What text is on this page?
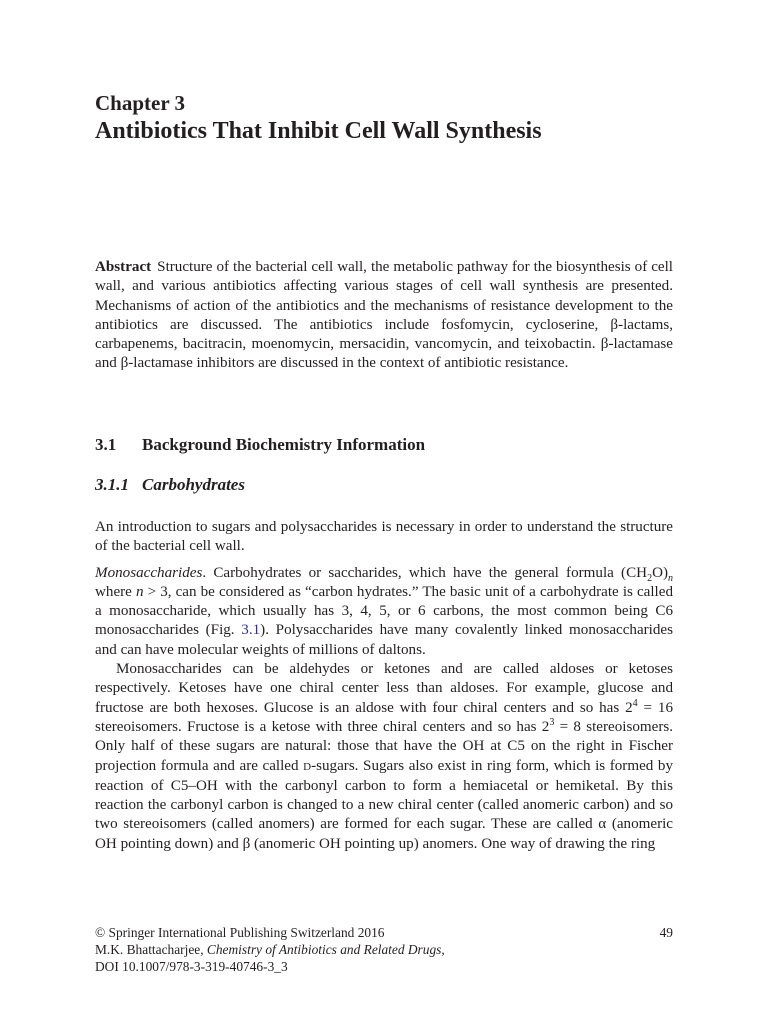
Chapter 3
Antibiotics That Inhibit Cell Wall Synthesis
Abstract Structure of the bacterial cell wall, the metabolic pathway for the biosynthesis of cell wall, and various antibiotics affecting various stages of cell wall synthesis are presented. Mechanisms of action of the antibiotics and the mechanisms of resistance development to the antibiotics are discussed. The antibiotics include fosfomycin, cycloserine, β-lactams, carbapenems, bacitracin, moenomycin, mersacidin, vancomycin, and teixobactin. β-lactamase and β-lactamase inhibitors are discussed in the context of antibiotic resistance.
3.1 Background Biochemistry Information
3.1.1 Carbohydrates

An introduction to sugars and polysaccharides is necessary in order to understand the structure of the bacterial cell wall.

Monosaccharides. Carbohydrates or saccharides, which have the general formula $(CH_2O)_n$ where n > 3, can be considered as “carbon hydrates.” The basic unit of a carbohydrate is called a monosaccharide, which usually has 3, 4, 5, or 6 carbons, the most common being C6 monosaccharides (Fig. 3.1). Polysaccharides have many covalently linked monosaccharides and can have molecular weights of millions of daltons.

Monosaccharides can be aldehydes or ketones and are called aldoses or ketoses respectively. Ketoses have one chiral center less than aldoses. For example, glucose and fructose are both hexoses. Glucose is an aldose with four chiral centers and so has $2^4 = 16$ stereoisomers. Fructose is a ketose with three chiral centers and so has $2^3 = 8$ stereoisomers. Only half of these sugars are natural: those that have the OH at C5 on the right in Fischer projection formula and are called D-sugars. Sugars also exist in ring form, which is formed by reaction of C5–OH with the carbonyl carbon to form a hemiacetal or hemiketal. By this reaction the carbonyl carbon is changed to a new chiral center (called anomeric carbon) and so two stereoisomers (called anomers) are formed for each sugar. These are called α (anomeric OH pointing down) and β (anomeric OH pointing up) anomers. One way of drawing the ring

© Springer International Publishing Switzerland 2016
M.K. Bhattacharjee, Chemistry of Antibiotics and Related Drugs,
DOI 10.1007/978-3-319-40746-3_3
49
